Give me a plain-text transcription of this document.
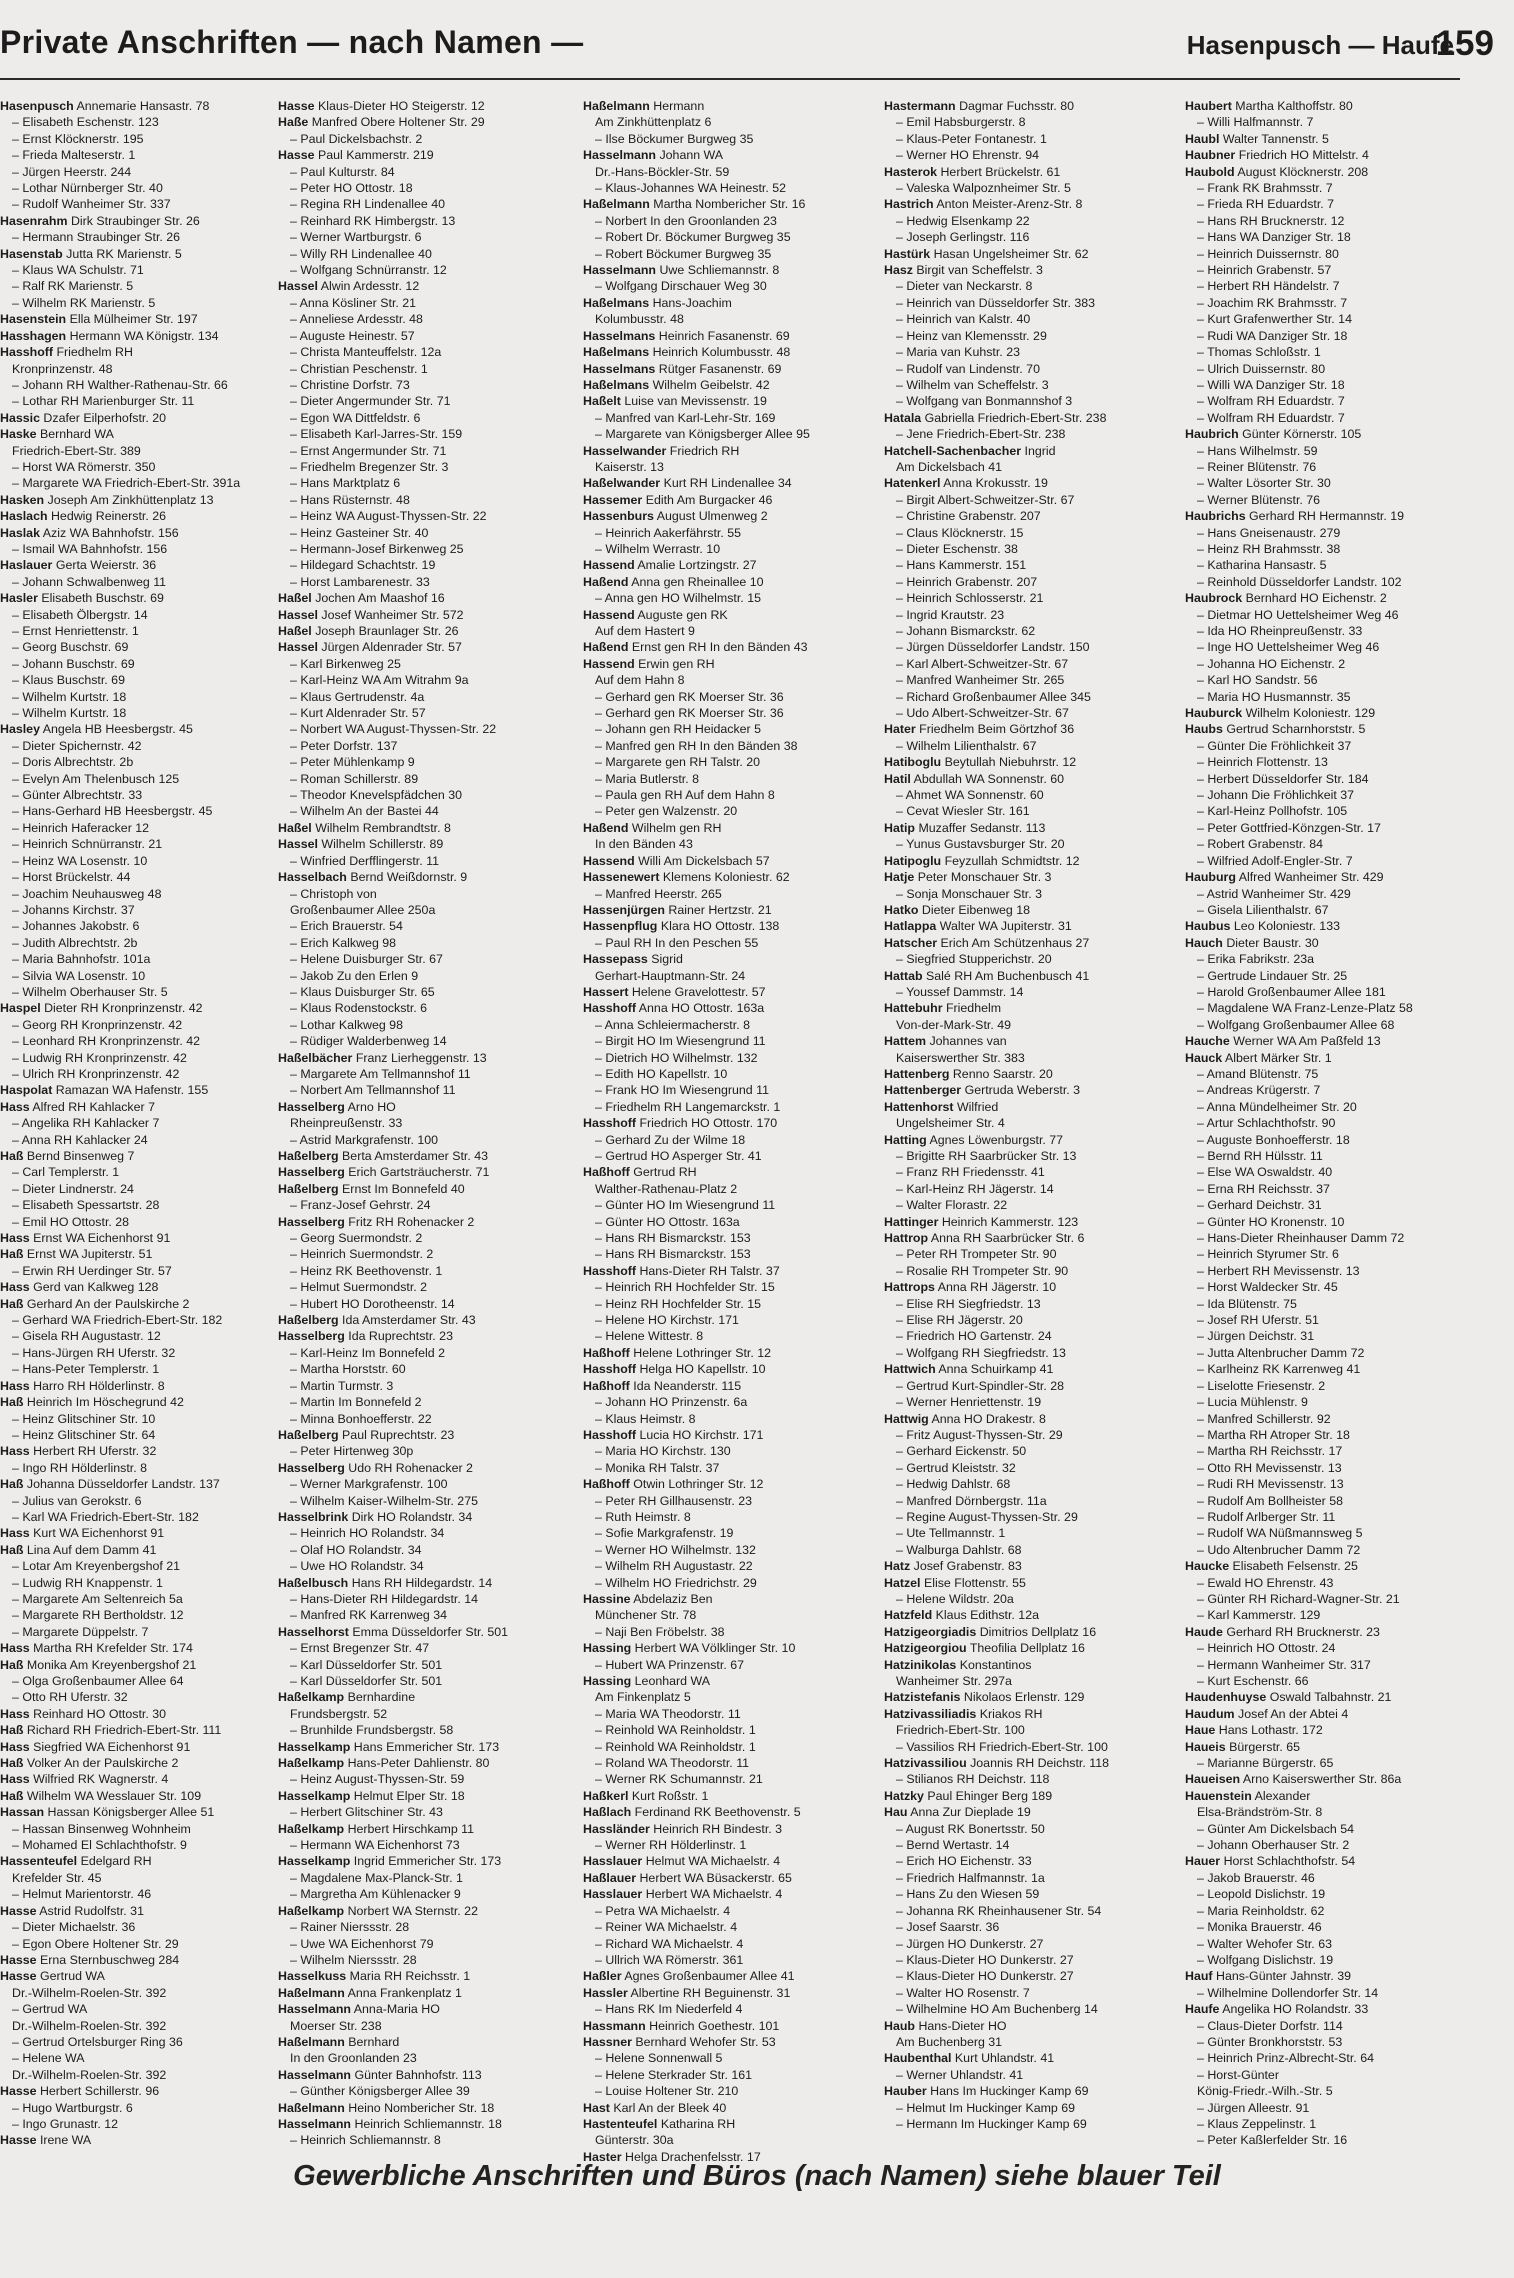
Private Anschriften — nach Namen —	Hasenpusch — Haufe
159
Hasenpusch Annemarie Hansastr. 78
– Elisabeth Eschenstr. 123
– Ernst Klöcknerstr. 195
– Frieda Malteserstr. 1
– Jürgen Heerstr. 244
– Lothar Nürnberger Str. 40
– Rudolf Wanheimer Str. 337
Hasenrahm Dirk Straubinger Str. 26
– Hermann Straubinger Str. 26
Hasenstab Jutta RK Marienstr. 5
– Klaus WA Schulstr. 71
– Ralf RK Marienstr. 5
– Wilhelm RK Marienstr. 5
Hasenstein Ella Mülheimer Str. 197
Hasshagen Hermann WA Königstr. 134
Hasshoff Friedhelm RH
Kronprinzenstr. 48
– Johann RH Walther-Rathenau-Str. 66
– Lothar RH Marienburger Str. 11
Hassic Dzafer Eilperhofstr. 20
Haske Bernhard WA
Friedrich-Ebert-Str. 389
– Horst WA Römerstr. 350
– Margarete WA Friedrich-Ebert-Str. 391a
Hasken Joseph Am Zinkhüttenplatz 13
Haslach Hedwig Reinerstr. 26
Haslak Aziz WA Bahnhofstr. 156
– Ismail WA Bahnhofstr. 156
Haslauer Gerta Weierstr. 36
– Johann Schwalbenweg 11
Hasler Elisabeth Buschstr. 69
– Elisabeth Ölbergstr. 14
– Ernst Henriettenstr. 1
– Georg Buschstr. 69
– Johann Buschstr. 69
– Klaus Buschstr. 69
– Wilhelm Kurtstr. 18
– Wilhelm Kurtstr. 18
Hasley Angela HB Heesbergstr. 45
– Dieter Spichernstr. 42
– Doris Albrechtstr. 2b
– Evelyn Am Thelenbusch 125
– Günter Albrechtstr. 33
– Hans-Gerhard HB Heesbergstr. 45
– Heinrich Haferacker 12
– Heinrich Schnürranstr. 21
– Heinz WA Losenstr. 10
– Horst Brückelstr. 44
– Joachim Neuhausweg 48
– Johanns Kirchstr. 37
– Johannes Jakobstr. 6
– Judith Albrechtstr. 2b
– Maria Bahnhofstr. 101a
– Silvia WA Losenstr. 10
– Wilhelm Oberhauser Str. 5
Haspel Dieter RH Kronprinzenstr. 42
– Georg RH Kronprinzenstr. 42
– Leonhard RH Kronprinzenstr. 42
– Ludwig RH Kronprinzenstr. 42
– Ulrich RH Kronprinzenstr. 42
Haspolat Ramazan WA Hafenstr. 155
Hass Alfred RH Kahlacker 7
– Angelika RH Kahlacker 7
– Anna RH Kahlacker 24
Haß Bernd Binsenweg 7
– Carl Templerstr. 1
– Dieter Lindnerstr. 24
– Elisabeth Spessartstr. 28
– Emil HO Ottostr. 28
Hass Ernst WA Eichenhorst 91
Haß Ernst WA Jupiterstr. 51
– Erwin RH Uerdinger Str. 57
Hass Gerd van Kalkweg 128
Haß Gerhard An der Paulskirche 2
– Gerhard WA Friedrich-Ebert-Str. 182
– Gisela RH Augustastr. 12
– Hans-Jürgen RH Uferstr. 32
– Hans-Peter Templerstr. 1
Hass Harro RH Hölderlinstr. 8
Haß Heinrich Im Höschegrund 42
– Heinz Glitschiner Str. 10
– Heinz Glitschiner Str. 64
Hass Herbert RH Uferstr. 32
– Ingo RH Hölderlinstr. 8
Haß Johanna Düsseldorfer Landstr. 137
– Julius van Gerokstr. 6
– Karl WA Friedrich-Ebert-Str. 182
Hass Kurt WA Eichenhorst 91
Haß Lina Auf dem Damm 41
– Lotar Am Kreyenbergshof 21
– Ludwig RH Knappenstr. 1
– Margarete Am Seltenreich 5a
– Margarete RH Bertholdstr. 12
– Margarete Düppelstr. 7
Hass Martha RH Krefelder Str. 174
Haß Monika Am Kreyenbergshof 21
– Olga Großenbaumer Allee 64
– Otto RH Uferstr. 32
Hass Reinhard HO Ottostr. 30
Haß Richard RH Friedrich-Ebert-Str. 111
Hass Siegfried WA Eichenhorst 91
Haß Volker An der Paulskirche 2
Hass Wilfried RK Wagnerstr. 4
Haß Wilhelm WA Wesslauer Str. 109
Hassan Hassan Königsberger Allee 51
– Hassan Binsenweg Wohnheim
– Mohamed El Schlachthofstr. 9
Hassenteufel Edelgard RH
Krefelder Str. 45
– Helmut Marientorstr. 46
Hasse Astrid Rudolfstr. 31
– Dieter Michaelstr. 36
– Egon Obere Holtener Str. 29
Hasse Erna Sternbuschweg 284
Hasse Gertrud WA
Dr.-Wilhelm-Roelen-Str. 392
– Gertrud WA
Dr.-Wilhelm-Roelen-Str. 392
– Gertrud Ortelsburger Ring 36
– Helene WA
Dr.-Wilhelm-Roelen-Str. 392
Hasse Herbert Schillerstr. 96
– Hugo Wartburgstr. 6
– Ingo Grunastr. 12
Hasse Irene WA
Hasse Klaus-Dieter HO Steigerstr. 12
Haße Manfred Obere Holtener Str. 29
– Paul Dickelsbachstr. 2
Hasse Paul Kammerstr. 219
– Paul Kulturstr. 84
– Peter HO Ottostr. 18
– Regina RH Lindenallee 40
– Reinhard RK Himbergstr. 13
– Werner Wartburgstr. 6
– Willy RH Lindenallee 40
– Wolfgang Schnürranstr. 12
Hassel Alwin Ardesstr. 12
– Anna Kösliner Str. 21
– Anneliese Ardesstr. 48
– Auguste Heinestr. 57
– Christa Manteuffelstr. 12a
– Christian Peschenstr. 1
– Christine Dorfstr. 73
– Dieter Angermunder Str. 71
– Egon WA Dittfeldstr. 6
– Elisabeth Karl-Jarres-Str. 159
– Ernst Angermunder Str. 71
– Friedhelm Bregenzer Str. 3
– Hans Marktplatz 6
– Hans Rüsternstr. 48
– Heinz WA August-Thyssen-Str. 22
– Heinz Gasteiner Str. 40
– Hermann-Josef Birkenweg 25
– Hildegard Schachtstr. 19
– Horst Lambarenestr. 33
Haßel Jochen Am Maashof 16
Hassel Josef Wanheimer Str. 572
Haßel Joseph Braunlager Str. 26
Hassel Jürgen Aldenrader Str. 57
– Karl Birkenweg 25
– Karl-Heinz WA Am Witrahm 9a
– Klaus Gertrudenstr. 4a
– Kurt Aldenrader Str. 57
– Norbert WA August-Thyssen-Str. 22
– Peter Dorfstr. 137
– Peter Mühlenkamp 9
– Roman Schillerstr. 89
– Theodor Knevelspfädchen 30
– Wilhelm An der Bastei 44
Haßel Wilhelm Rembrandtstr. 8
Hassel Wilhelm Schillerstr. 89
– Winfried Derfflingerstr. 11
Hasselbach Bernd Weißdornstr. 9
– Christoph von
Großenbaumer Allee 250a
– Erich Brauerstr. 54
– Erich Kalkweg 98
– Helene Duisburger Str. 67
– Jakob Zu den Erlen 9
– Klaus Duisburger Str. 65
– Klaus Rodenstockstr. 6
– Lothar Kalkweg 98
– Rüdiger Walderbenweg 14
Haßelbächer Franz Lierheggenstr. 13
– Margarete Am Tellmannshof 11
– Norbert Am Tellmannshof 11
Hasselberg Arno HO
Rheinpreußenstr. 33
– Astrid Markgrafenstr. 100
Haßelberg Berta Amsterdamer Str. 43
Hasselberg Erich Gartsträucherstr. 71
Haßelberg Ernst Im Bonnefeld 40
– Franz-Josef Gehrstr. 24
Hasselberg Fritz RH Rohenacker 2
– Georg Suermondstr. 2
– Heinrich Suermondstr. 2
– Heinz RK Beethovenstr. 1
– Helmut Suermondstr. 2
– Hubert HO Dorotheenstr. 14
Haßelberg Ida Amsterdamer Str. 43
Hasselberg Ida Ruprechtstr. 23
– Karl-Heinz Im Bonnefeld 2
– Martha Horststr. 60
– Martin Turmstr. 3
– Martin Im Bonnefeld 2
– Minna Bonhoefferstr. 22
Haßelberg Paul Ruprechtstr. 23
– Peter Hirtenweg 30p
Hasselberg Udo RH Rohenacker 2
– Werner Markgrafenstr. 100
– Wilhelm Kaiser-Wilhelm-Str. 275
Hasselbrink Dirk HO Rolandstr. 34
– Heinrich HO Rolandstr. 34
– Olaf HO Rolandstr. 34
– Uwe HO Rolandstr. 34
Haßelbusch Hans RH Hildegardstr. 14
– Hans-Dieter RH Hildegardstr. 14
– Manfred RK Karrenweg 34
Hasselhorst Emma Düsseldorfer Str. 501
– Ernst Bregenzer Str. 47
– Karl Düsseldorfer Str. 501
– Karl Düsseldorfer Str. 501
Haßelkamp Bernhardine
Frundsbergstr. 52
– Brunhilde Frundsbergstr. 58
Hasselkamp Hans Emmericher Str. 173
Haßelkamp Hans-Peter Dahlienstr. 80
– Heinz August-Thyssen-Str. 59
Hasselkamp Helmut Elper Str. 18
– Herbert Glitschiner Str. 43
Haßelkamp Herbert Hirschkamp 11
– Hermann WA Eichenhorst 73
Hasselkamp Ingrid Emmericher Str. 173
– Magdalene Max-Planck-Str. 1
– Margretha Am Kühlenacker 9
Haßelkamp Norbert WA Sternstr. 22
– Rainer Nierssstr. 28
– Uwe WA Eichenhorst 79
– Wilhelm Nierssstr. 28
Hasselkuss Maria RH Reichsstr. 1
Haßelmann Anna Frankenplatz 1
Hasselmann Anna-Maria HO
Moerser Str. 238
Haßelmann Bernhard
In den Groonlanden 23
Hasselmann Günter Bahnhofstr. 113
– Günther Königsberger Allee 39
Haßelmann Heino Nombericher Str. 18
Hasselmann Heinrich Schliemannstr. 18
– Heinrich Schliemannstr. 8
Haßelmann Hermann
Am Zinkhüttenplatz 6
– Ilse Böckumer Burgweg 35
Hasselmann Johann WA
Dr.-Hans-Böckler-Str. 59
– Klaus-Johannes WA Heinestr. 52
Haßelmann Martha Nombericher Str. 16
– Norbert In den Groonlanden 23
– Robert Dr. Böckumer Burgweg 35
– Robert Böckumer Burgweg 35
Hasselmann Uwe Schliemannstr. 8
– Wolfgang Dirschauer Weg 30
Haßelmans Hans-Joachim
Kolumbusstr. 48
Hasselmans Heinrich Fasanenstr. 69
Haßelmans Heinrich Kolumbusstr. 48
Hasselmans Rütger Fasanenstr. 69
Haßelmans Wilhelm Geibelstr. 42
Haßelt Luise van Mevissenstr. 19
– Manfred van Karl-Lehr-Str. 169
– Margarete van Königsberger Allee 95
Hasselwander Friedrich RH
Kaiserstr. 13
Haßelwander Kurt RH Lindenallee 34
Hassemer Edith Am Burgacker 46
Hassenburs August Ulmenweg 2
– Heinrich Aakerfährstr. 55
– Wilhelm Werrastr. 10
Hassend Amalie Lortzingstr. 27
Haßend Anna gen Rheinallee 10
– Anna gen HO Wilhelmstr. 15
Hassend Auguste gen RK
Auf dem Hastert 9
Haßend Ernst gen RH In den Bänden 43
Hassend Erwin gen RH
Auf dem Hahn 8
– Gerhard gen RK Moerser Str. 36
– Gerhard gen RK Moerser Str. 36
– Johann gen RH Heidacker 5
– Manfred gen RH In den Bänden 38
– Margarete gen RH Talstr. 20
– Maria Butlerstr. 8
– Paula gen RH Auf dem Hahn 8
– Peter gen Walzenstr. 20
Haßend Wilhelm gen RH
In den Bänden 43
Hassend Willi Am Dickelsbach 57
Hassenewert Klemens Koloniestr. 62
– Manfred Heerstr. 265
Hassenjürgen Rainer Hertzstr. 21
Hassenpflug Klara HO Ottostr. 138
– Paul RH In den Peschen 55
Hassepass Sigrid
Gerhart-Hauptmann-Str. 24
Hassert Helene Gravelottestr. 57
Hasshoff Anna HO Ottostr. 163a
– Anna Schleiermacherstr. 8
– Birgit HO Im Wiesengrund 11
– Dietrich HO Wilhelmstr. 132
– Edith HO Kapellstr. 10
– Frank HO Im Wiesengrund 11
– Friedhelm RH Langemarckstr. 1
Hasshoff Friedrich HO Ottostr. 170
– Gerhard Zu der Wilme 18
– Gertrud HO Asperger Str. 41
Haßhoff Gertrud RH
Walther-Rathenau-Platz 2
– Günter HO Im Wiesengrund 11
– Günter HO Ottostr. 163a
– Hans RH Bismarckstr. 153
– Hans RH Bismarckstr. 153
Hasshoff Hans-Dieter RH Talstr. 37
– Heinrich RH Hochfelder Str. 15
– Heinz RH Hochfelder Str. 15
– Helene HO Kirchstr. 171
– Helene Wittestr. 8
Haßhoff Helene Lothringer Str. 12
Hasshoff Helga HO Kapellstr. 10
Haßhoff Ida Neanderstr. 115
– Johann HO Prinzenstr. 6a
– Klaus Heimstr. 8
Hasshoff Lucia HO Kirchstr. 171
– Maria HO Kirchstr. 130
– Monika RH Talstr. 37
Haßhoff Otwin Lothringer Str. 12
– Peter RH Gillhausenstr. 23
– Ruth Heimstr. 8
– Sofie Markgrafenstr. 19
– Werner HO Wilhelmstr. 132
– Wilhelm RH Augustastr. 22
– Wilhelm HO Friedrichstr. 29
Hassine Abdelaziz Ben
Münchener Str. 78
– Naji Ben Fröbelstr. 38
Hassing Herbert WA Völklinger Str. 10
– Hubert WA Prinzenstr. 67
Hassing Leonhard WA
Am Finkenplatz 5
– Maria WA Theodorstr. 11
– Reinhold WA Reinholdstr. 1
– Reinhold WA Reinholdstr. 1
– Roland WA Theodorstr. 11
– Werner RK Schumannstr. 21
Haßkerl Kurt Roßstr. 1
Haßlach Ferdinand RK Beethovenstr. 5
Hassländer Heinrich RH Bindestr. 3
– Werner RH Hölderlinstr. 1
Hasslauer Helmut WA Michaelstr. 4
Haßlauer Herbert WA Büsackerstr. 65
Hasslauer Herbert WA Michaelstr. 4
– Petra WA Michaelstr. 4
– Reiner WA Michaelstr. 4
– Richard WA Michaelstr. 4
– Ullrich WA Römerstr. 361
Haßler Agnes Großenbaumer Allee 41
Hassler Albertine RH Beguinenstr. 31
– Hans RK Im Niederfeld 4
Hassmann Heinrich Goethestr. 101
Hassner Bernhard Wehofer Str. 53
– Helene Sonnenwall 5
– Helene Sterkrader Str. 161
– Louise Holtener Str. 210
Hast Karl An der Bleek 40
Hastenteufel Katharina RH
Günterstr. 30a
Haster Helga Drachenfelsstr. 17
Hastermann Dagmar Fuchsstr. 80
– Emil Habsburgerstr. 8
– Klaus-Peter Fontanestr. 1
– Werner HO Ehrenstr. 94
Hasterok Herbert Brückelstr. 61
– Valeska Walpoznheimer Str. 5
Hastrich Anton Meister-Arenz-Str. 8
– Hedwig Elsenkamp 22
– Joseph Gerlingstr. 116
Hastürk Hasan Ungelsheimer Str. 62
Hasz Birgit van Scheffelstr. 3
– Dieter van Neckarstr. 8
– Heinrich van Düsseldorfer Str. 383
– Heinrich van Kalstr. 40
– Heinz van Klemensstr. 29
– Maria van Kuhstr. 23
– Rudolf van Lindenstr. 70
– Wilhelm van Scheffelstr. 3
– Wolfgang van Bonmannshof 3
Hatala Gabriella Friedrich-Ebert-Str. 238
– Jene Friedrich-Ebert-Str. 238
Hatchell-Sachenbacher Ingrid
Am Dickelsbach 41
Hatenkerl Anna Krokusstr. 19
– Birgit Albert-Schweitzer-Str. 67
– Christine Grabenstr. 207
– Claus Klöcknerstr. 15
– Dieter Eschenstr. 38
– Hans Kammerstr. 151
– Heinrich Grabenstr. 207
– Heinrich Schlosserstr. 21
– Ingrid Krautstr. 23
– Johann Bismarckstr. 62
– Jürgen Düsseldorfer Landstr. 150
– Karl Albert-Schweitzer-Str. 67
– Manfred Wanheimer Str. 265
– Richard Großenbaumer Allee 345
– Udo Albert-Schweitzer-Str. 67
Hater Friedhelm Beim Görtzhof 36
– Wilhelm Lilienthalstr. 67
Hatiboglu Beytullah Niebuhrstr. 12
Hatil Abdullah WA Sonnenstr. 60
– Ahmet WA Sonnenstr. 60
– Cevat Wiesler Str. 161
Hatip Muzaffer Sedanstr. 113
– Yunus Gustavsburger Str. 20
Hatipoglu Feyzullah Schmidtstr. 12
Hatje Peter Monschauer Str. 3
– Sonja Monschauer Str. 3
Hatko Dieter Eibenweg 18
Hatlappa Walter WA Jupiterstr. 31
Hatscher Erich Am Schützenhaus 27
– Siegfried Stupperichstr. 20
Hattab Salé RH Am Buchenbusch 41
– Youssef Dammstr. 14
Hattebuhr Friedhelm
Von-der-Mark-Str. 49
Hattem Johannes van
Kaiserswerther Str. 383
Hattenberg Renno Saarstr. 20
Hattenberger Gertruda Weberstr. 3
Hattenhorst Wilfried
Ungelsheimer Str. 4
Hatting Agnes Löwenburgstr. 77
– Brigitte RH Saarbrücker Str. 13
– Franz RH Friedensstr. 41
– Karl-Heinz RH Jägerstr. 14
– Walter Florastr. 22
Hattinger Heinrich Kammerstr. 123
Hattrop Anna RH Saarbrücker Str. 6
– Peter RH Trompeter Str. 90
– Rosalie RH Trompeter Str. 90
Hattrops Anna RH Jägerstr. 10
– Elise RH Siegfriedstr. 13
– Elise RH Jägerstr. 20
– Friedrich HO Gartenstr. 24
– Wolfgang RH Siegfriedstr. 13
Hattwich Anna Schuirkamp 41
– Gertrud Kurt-Spindler-Str. 28
– Werner Henriettenstr. 19
Hattwig Anna HO Drakestr. 8
– Fritz August-Thyssen-Str. 29
– Gerhard Eickenstr. 50
– Gertrud Kleiststr. 32
– Hedwig Dahlstr. 68
– Manfred Dörnbergstr. 11a
– Regine August-Thyssen-Str. 29
– Ute Tellmannstr. 1
– Walburga Dahlstr. 68
Hatz Josef Grabenstr. 83
Hatzel Elise Flottenstr. 55
– Helene Wildstr. 20a
Hatzfeld Klaus Edithstr. 12a
Hatzigeorgiadis Dimitrios Dellplatz 16
Hatzigeorgiou Theofilia Dellplatz 16
Hatzinikolas Konstantinos
Wanheimer Str. 297a
Hatzistefanis Nikolaos Erlenstr. 129
Hatzivassiliadis Kriakos RH
Friedrich-Ebert-Str. 100
– Vassilios RH Friedrich-Ebert-Str. 100
Hatzivassiliou Joannis RH Deichstr. 118
– Stilianos RH Deichstr. 118
Hatzky Paul Ehinger Berg 189
Hau Anna Zur Dieplade 19
– August RK Bonertsstr. 50
– Bernd Wertastr. 14
– Erich HO Eichenstr. 33
– Friedrich Halfmannstr. 1a
– Hans Zu den Wiesen 59
– Johanna RK Rheinhausener Str. 54
– Josef Saarstr. 36
– Jürgen HO Dunkerstr. 27
– Klaus-Dieter HO Dunkerstr. 27
– Klaus-Dieter HO Dunkerstr. 27
– Walter HO Rosenstr. 7
– Wilhelmine HO Am Buchenberg 14
Haub Hans-Dieter HO
Am Buchenberg 31
Haubenthal Kurt Uhlandstr. 41
– Werner Uhlandstr. 41
Hauber Hans Im Huckinger Kamp 69
– Helmut Im Huckinger Kamp 69
– Hermann Im Huckinger Kamp 69
Haubert Martha Kalthoffstr. 80
– Willi Halfmannstr. 7
Haubl Walter Tannenstr. 5
Haubner Friedrich HO Mittelstr. 4
Haubold August Klöcknerstr. 208
– Frank RK Brahmsstr. 7
– Frieda RH Eduardstr. 7
– Hans RH Brucknerstr. 12
– Hans WA Danziger Str. 18
– Heinrich Duissernstr. 80
– Heinrich Grabenstr. 57
– Herbert RH Händelstr. 7
– Joachim RK Brahmsstr. 7
– Kurt Grafenwerther Str. 14
– Rudi WA Danziger Str. 18
– Thomas Schloßstr. 1
– Ulrich Duissernstr. 80
– Willi WA Danziger Str. 18
– Wolfram RH Eduardstr. 7
– Wolfram RH Eduardstr. 7
Haubrich Günter Körnerstr. 105
– Hans Wilhelmstr. 59
– Reiner Blütenstr. 76
– Walter Lösorter Str. 30
– Werner Blütenstr. 76
Haubrichs Gerhard RH Hermannstr. 19
– Hans Gneisenaustr. 279
– Heinz RH Brahmsstr. 38
– Katharina Hansastr. 5
– Reinhold Düsseldorfer Landstr. 102
Haubrock Bernhard HO Eichenstr. 2
– Dietmar HO Uettelsheimer Weg 46
– Ida HO Rheinpreußenstr. 33
– Inge HO Uettelsheimer Weg 46
– Johanna HO Eichenstr. 2
– Karl HO Sandstr. 56
– Maria HO Husmannstr. 35
Hauburck Wilhelm Koloniestr. 129
Haubs Gertrud Scharnhorststr. 5
– Günter Die Fröhlichkeit 37
– Heinrich Flottenstr. 13
– Herbert Düsseldorfer Str. 184
– Johann Die Fröhlichkeit 37
– Karl-Heinz Pollhofstr. 105
– Peter Gottfried-Könzgen-Str. 17
– Robert Grabenstr. 84
– Wilfried Adolf-Engler-Str. 7
Hauburg Alfred Wanheimer Str. 429
– Astrid Wanheimer Str. 429
– Gisela Lilienthalstr. 67
Haubus Leo Koloniestr. 133
Hauch Dieter Baustr. 30
– Erika Fabrikstr. 23a
– Gertrude Lindauer Str. 25
– Harold Großenbaumer Allee 181
– Magdalene WA Franz-Lenze-Platz 58
– Wolfgang Großenbaumer Allee 68
Hauche Werner WA Am Paßfeld 13
Hauck Albert Märker Str. 1
– Amand Blütenstr. 75
– Andreas Krügerstr. 7
– Anna Mündelheimer Str. 20
– Artur Schlachthofstr. 90
– Auguste Bonhoefferstr. 18
– Bernd RH Hülsstr. 11
– Else WA Oswaldstr. 40
– Erna RH Reichsstr. 37
– Gerhard Deichstr. 31
– Günter HO Kronenstr. 10
– Hans-Dieter Rheinhauser Damm 72
– Heinrich Styrumer Str. 6
– Herbert RH Mevissenstr. 13
– Horst Waldecker Str. 45
– Ida Blütenstr. 75
– Josef RH Uferstr. 51
– Jürgen Deichstr. 31
– Jutta Altenbrucher Damm 72
– Karlheinz RK Karrenweg 41
– Liselotte Friesenstr. 2
– Lucia Mühlenstr. 9
– Manfred Schillerstr. 92
– Martha RH Atroper Str. 18
– Martha RH Reichsstr. 17
– Otto RH Mevissenstr. 13
– Rudi RH Mevissenstr. 13
– Rudolf Am Bollheister 58
– Rudolf Arlberger Str. 11
– Rudolf WA Nüßmannsweg 5
– Udo Altenbrucher Damm 72
Haucke Elisabeth Felsenstr. 25
– Ewald HO Ehrenstr. 43
– Günter RH Richard-Wagner-Str. 21
– Karl Kammerstr. 129
Haude Gerhard RH Brucknerstr. 23
– Heinrich HO Ottostr. 24
– Hermann Wanheimer Str. 317
– Kurt Eschenstr. 66
Haudenhuyse Oswald Talbahnstr. 21
Haudum Josef An der Abtei 4
Haue Hans Lothastr. 172
Haueis Bürgerstr. 65
– Marianne Bürgerstr. 65
Haueisen Arno Kaiserswerther Str. 86a
Hauenstein Alexander
Elsa-Brändström-Str. 8
– Günter Am Dickelsbach 54
– Johann Oberhauser Str. 2
Hauer Horst Schlachthofstr. 54
– Jakob Brauerstr. 46
– Leopold Dislichstr. 19
– Maria Reinholdstr. 62
– Monika Brauerstr. 46
– Walter Wehofer Str. 63
– Wolfgang Dislichstr. 19
Hauf Hans-Günter Jahnstr. 39
– Wilhelmine Dollendorfer Str. 14
Haufe Angelika HO Rolandstr. 33
– Claus-Dieter Dorfstr. 114
– Günter Bronkhorststr. 53
– Heinrich Prinz-Albrecht-Str. 64
– Horst-Günter
König-Friedr.-Wilh.-Str. 5
– Jürgen Alleestr. 91
– Klaus Zeppelinstr. 1
– Peter Kaßlerfelder Str. 16
Gewerbliche Anschriften und Büros (nach Namen) siehe blauer Teil
